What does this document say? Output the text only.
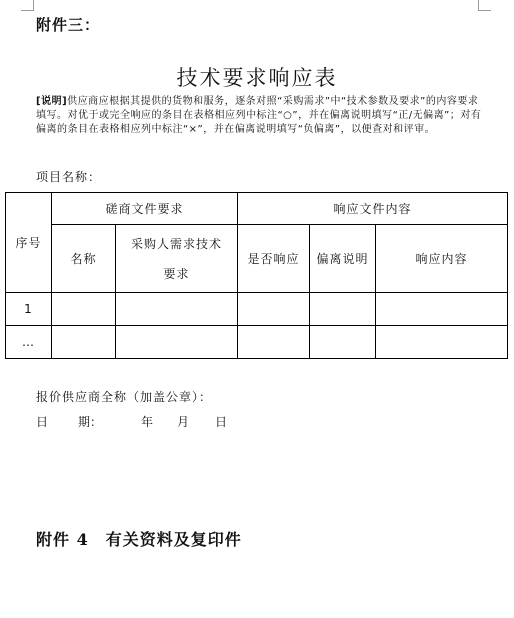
附件三：
技术要求响应表
[说明]供应商应根据其提供的货物和服务，逐条对照“采购需求”中“技术参数及要求”的内容要求填写。对优于或完全响应的条目在表格相应列中标注“○”，并在偏离说明填写“正/无偏离”；对有偏离的条目在表格相应列中标注“×”，并在偏离说明填写“负偏离”，以便查对和评审。
项目名称：
序号	磋商文件要求		响应文件内容		
	名称	采购人需求技术
要求	是否响应	偏离说明	响应内容
1					
…					
报价供应商全称（加盖公章）：
日 期：	年 月 日
附件 4　有关资料及复印件
